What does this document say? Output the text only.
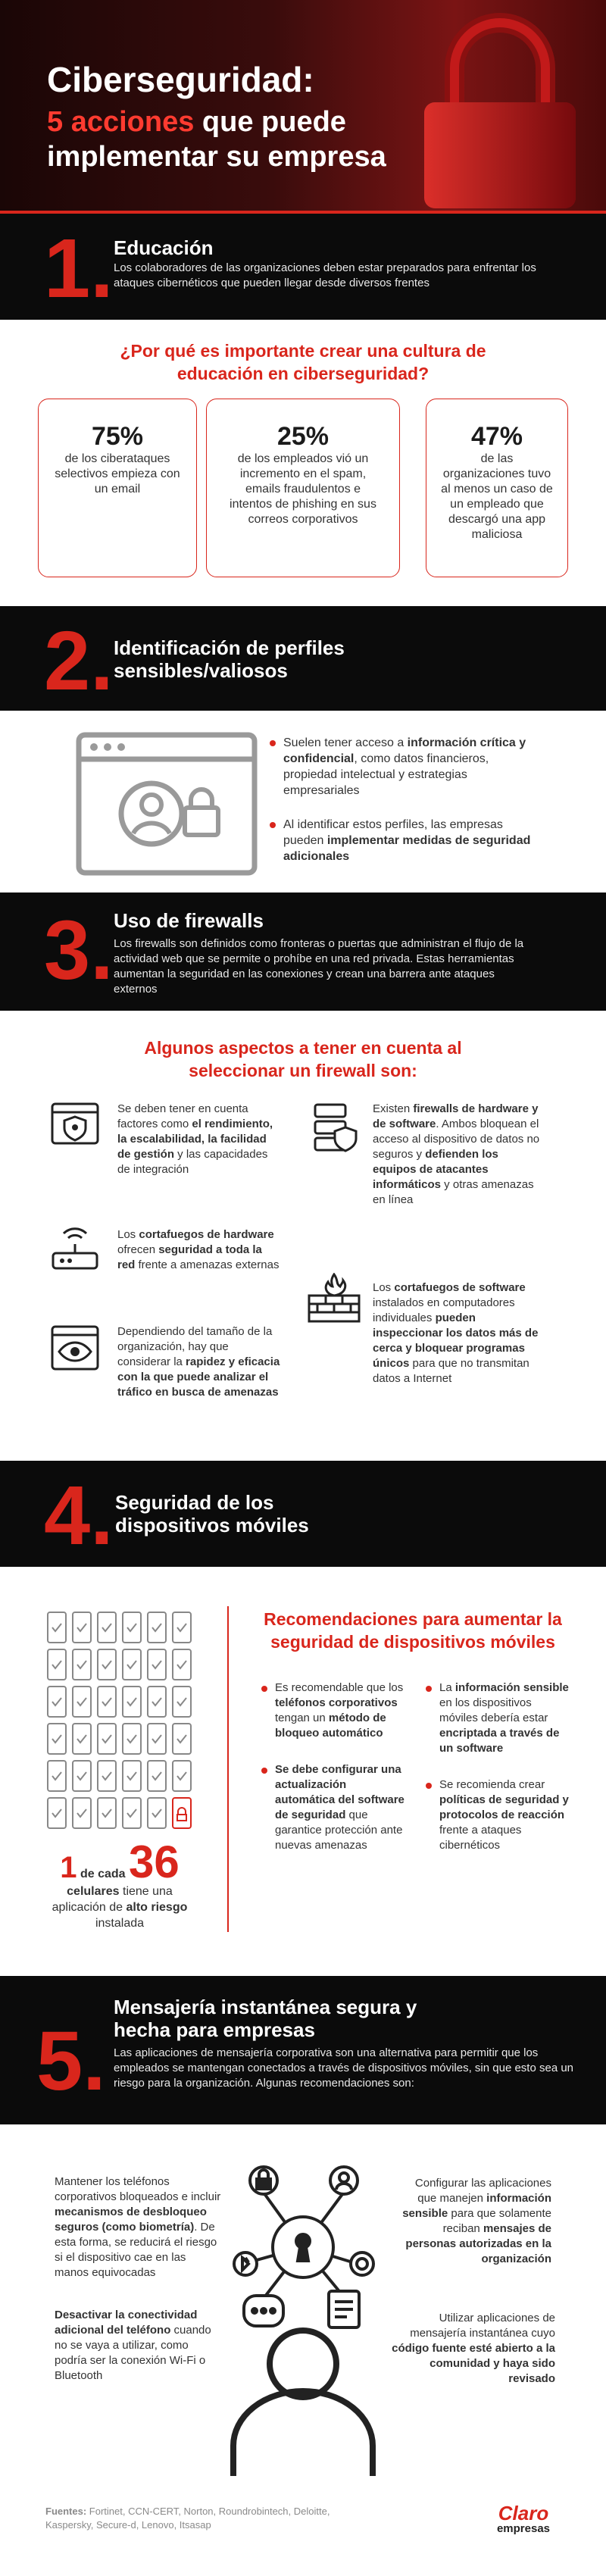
Ciberseguridad:
5 acciones que puede
implementar su empresa
1. Educación
Los colaboradores de las organizaciones deben estar preparados para enfrentar los ataques cibernéticos que pueden llegar desde diversos frentes
¿Por qué es importante crear una cultura de educación en ciberseguridad?
75%

de los ciberataques selectivos empieza con un email

25%

de los empleados vió un incremento en el spam, emails fraudulentos e intentos de phishing en sus correos corporativos

47%

de las organizaciones tuvo al menos un caso de un empleado que descargó una app maliciosa

2. Identificación de perfiles sensibles/valiosos
Suelen tener acceso a información crítica y confidencial, como datos financieros, propiedad intelectual y estrategias empresariales
Al identificar estos perfiles, las empresas pueden implementar medidas de seguridad adicionales
3. Uso de firewalls
Los firewalls son definidos como fronteras o puertas que administran el flujo de la actividad web que se permite o prohíbe en una red privada. Estas herramientas aumentan la seguridad en las conexiones y crean una barrera ante ataques externos
Algunos aspectos a tener en cuenta al seleccionar un firewall son:
Se deben tener en cuenta factores como el rendimiento, la escalabilidad, la facilidad de gestión y las capacidades de integración
Los cortafuegos de hardware ofrecen seguridad a toda la red frente a amenazas externas
Dependiendo del tamaño de la organización, hay que considerar la rapidez y eficacia con la que puede analizar el tráfico en busca de amenazas
Existen firewalls de hardware y de software. Ambos bloquean el acceso al dispositivo de datos no seguros y defienden los equipos de atacantes informáticos y otras amenazas en línea
Los cortafuegos de software instalados en computadores individuales pueden inspeccionar los datos más de cerca y bloquear programas únicos para que no transmitan datos a Internet
4. Seguridad de los dispositivos móviles
1 de cada 36
celulares tiene una aplicación de alto riesgo instalada
Recomendaciones para aumentar la seguridad de dispositivos móviles
Es recomendable que los teléfonos corporativos tengan un método de bloqueo automático
Se debe configurar una actualización automática del software de seguridad que garantice protección ante nuevas amenazas
La información sensible en los dispositivos móviles debería estar encriptada a través de un software
Se recomienda crear políticas de seguridad y protocolos de reacción frente a ataques cibernéticos
5.
Mensajería instantánea segura y hecha para empresas
Las aplicaciones de mensajería corporativa son una alternativa para permitir que los empleados se mantengan conectados a través de dispositivos móviles, sin que esto sea un riesgo para la organización. Algunas recomendaciones son:
Mantener los teléfonos corporativos bloqueados e incluir mecanismos de desbloqueo seguros (como biometría). De esta forma, se reducirá el riesgo si el dispositivo cae en las manos equivocadas
Desactivar la conectividad adicional del teléfono cuando no se vaya a utilizar, como podría ser la conexión Wi-Fi o Bluetooth
Configurar las aplicaciones que manejen información sensible para que solamente reciban mensajes de personas autorizadas en la organización
Utilizar aplicaciones de mensajería instantánea cuyo código fuente esté abierto a la comunidad y haya sido revisado
Fuentes: Fortinet, CCN-CERT, Norton, Roundrobintech, Deloitte, Kaspersky, Secure-d, Lenovo, Itsasap
Claro
empresas
